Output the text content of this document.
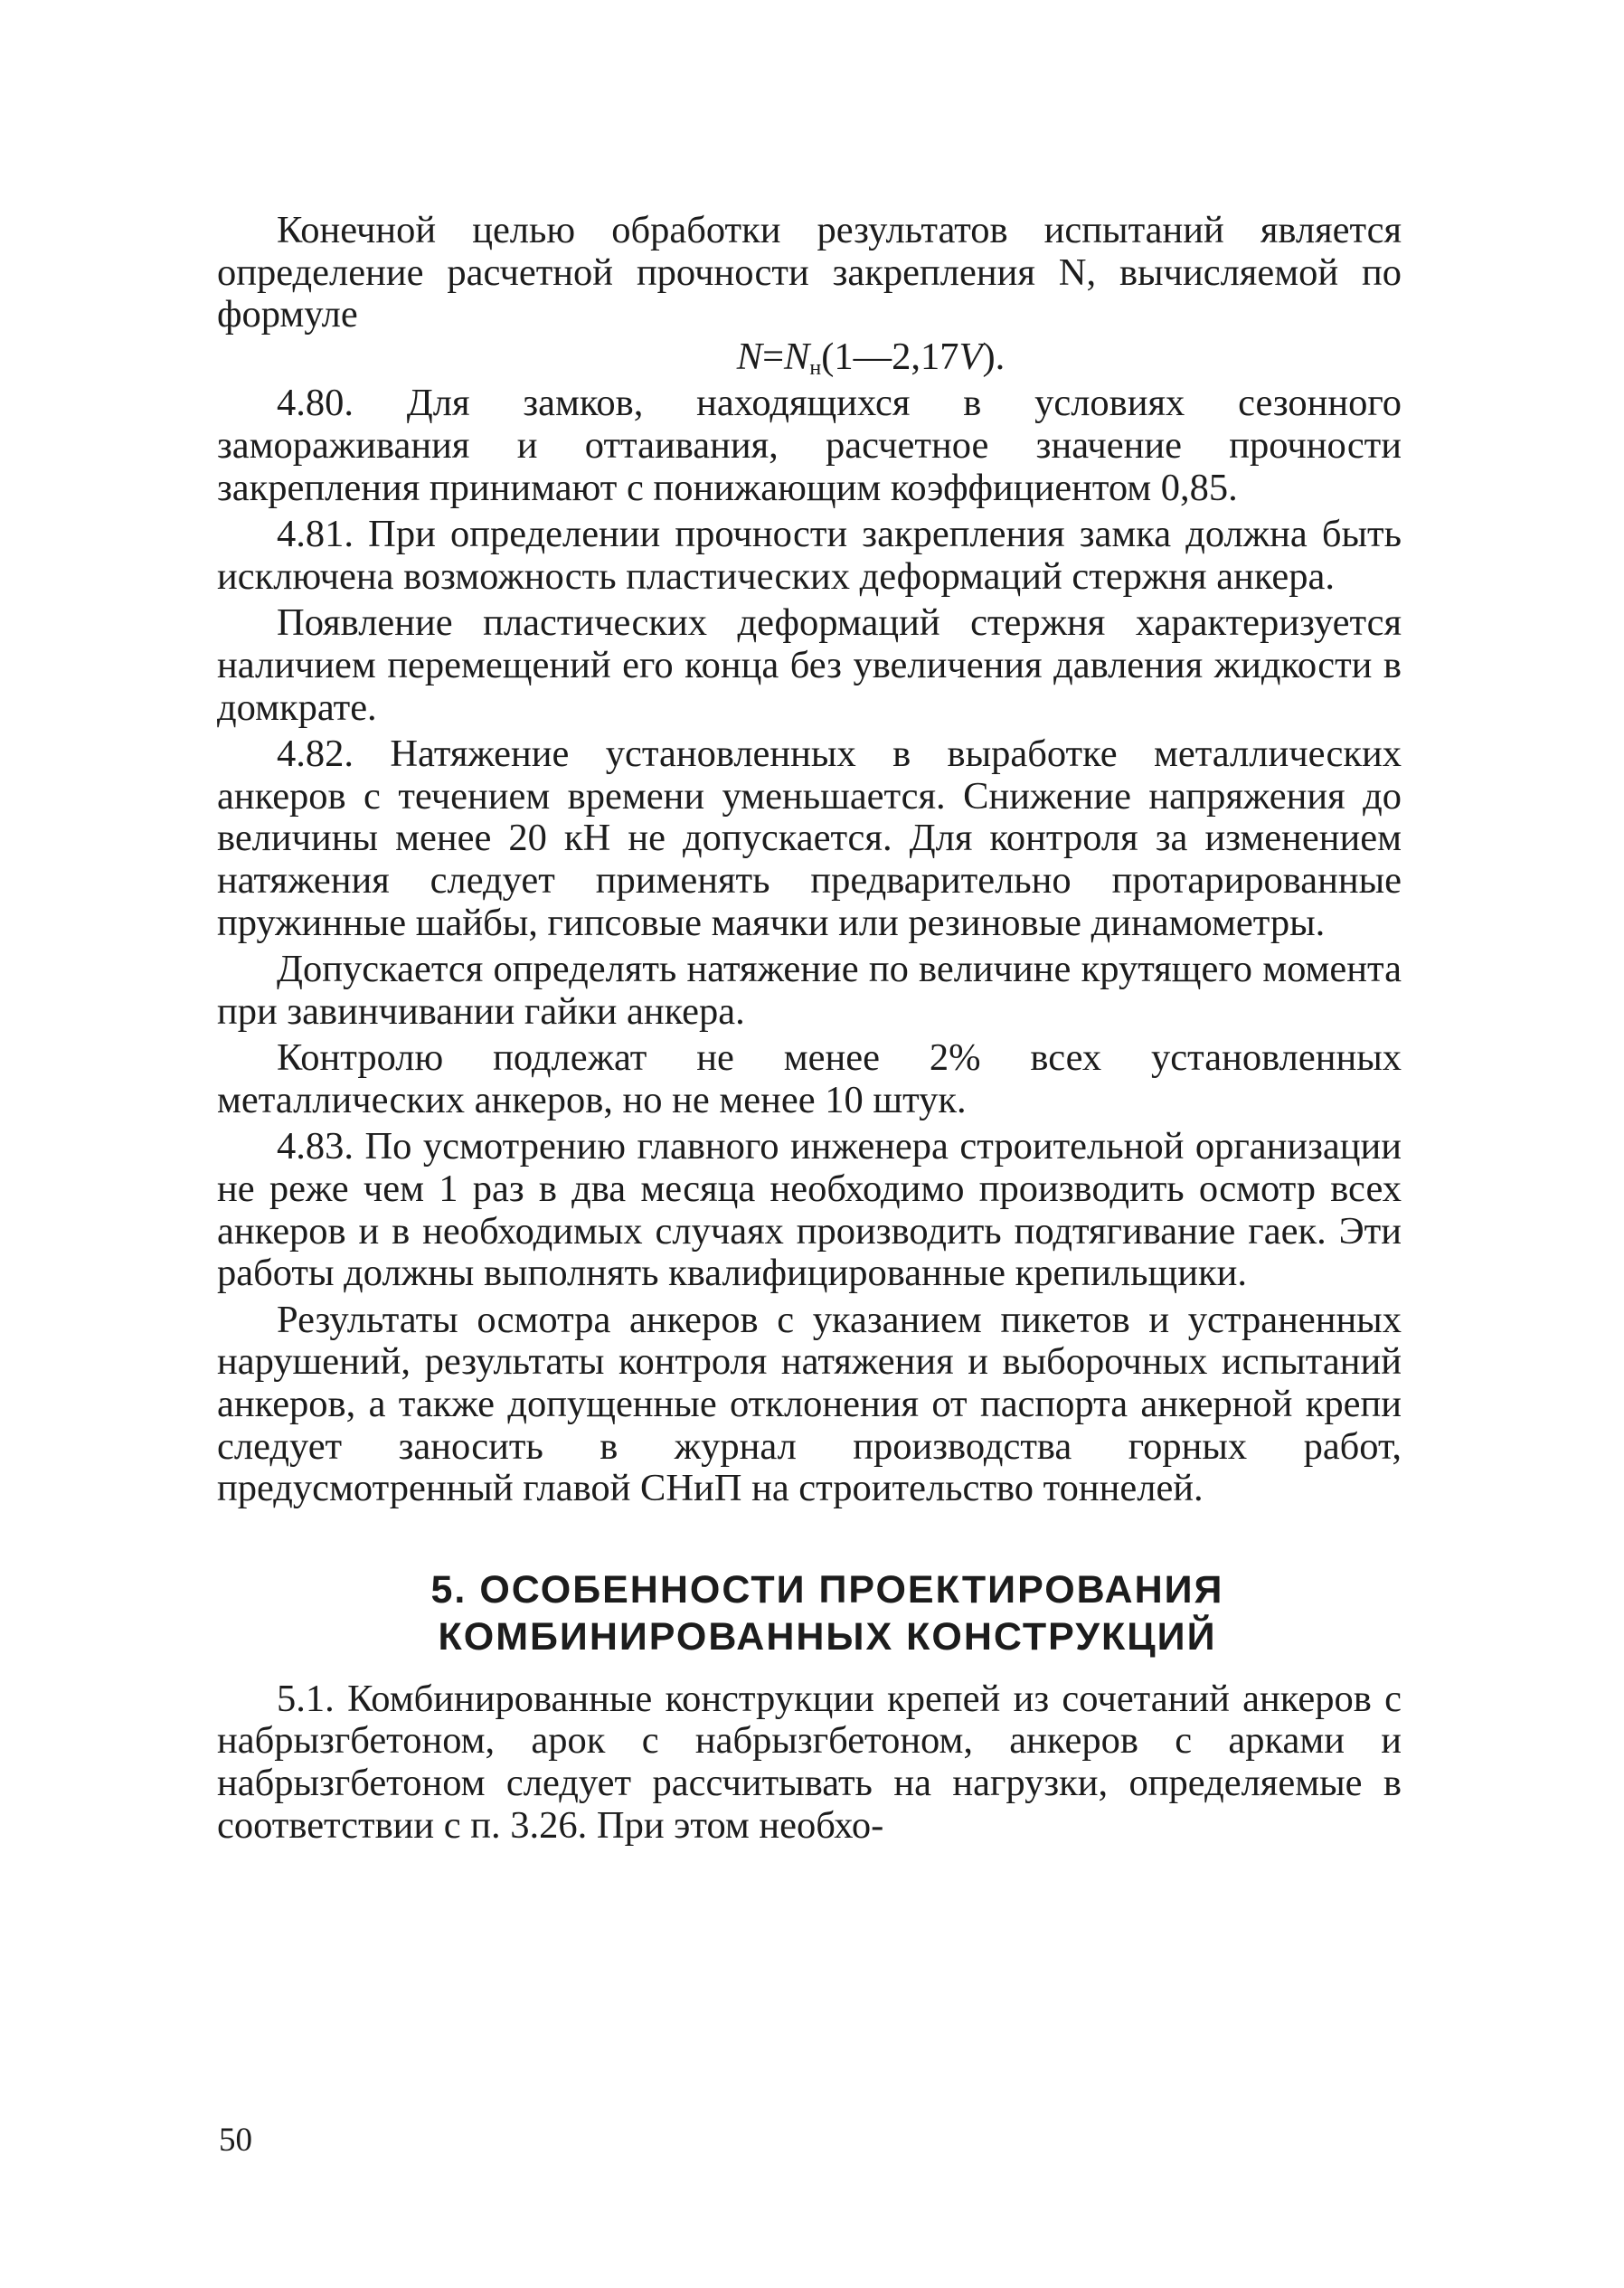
Конечной целью обработки результатов испытаний является определение расчетной прочности закрепления N, вычисляемой по формуле

$N=N_н(1—2,17V)$.

4.80. Для замков, находящихся в условиях сезонного замораживания и оттаивания, расчетное значение прочности закрепления принимают с понижающим коэффициентом 0,85.

4.81. При определении прочности закрепления замка должна быть исключена возможность пластических деформаций стержня анкера.

Появление пластических деформаций стержня характеризуется наличием перемещений его конца без увеличения давления жидкости в домкрате.

4.82. Натяжение установленных в выработке металлических анкеров с течением времени уменьшается. Снижение напряжения до величины менее 20 кН не допускается. Для контроля за изменением натяжения следует применять предварительно протарированные пружинные шайбы, гипсовые маячки или резиновые динамометры.

Допускается определять натяжение по величине крутящего момента при завинчивании гайки анкера.

Контролю подлежат не менее 2% всех установленных металлических анкеров, но не менее 10 штук.

4.83. По усмотрению главного инженера строительной организации не реже чем 1 раз в два месяца необходимо производить осмотр всех анкеров и в необходимых случаях производить подтягивание гаек. Эти работы должны выполнять квалифицированные крепильщики.

Результаты осмотра анкеров с указанием пикетов и устраненных нарушений, результаты контроля натяжения и выборочных испытаний анкеров, а также допущенные отклонения от паспорта анкерной крепи следует заносить в журнал производства горных работ, предусмотренный главой СНиП на строительство тоннелей.

5. ОСОБЕННОСТИ ПРОЕКТИРОВАНИЯ
КОМБИНИРОВАННЫХ КОНСТРУКЦИЙ

5.1. Комбинированные конструкции крепей из сочетаний анкеров с набрызгбетоном, арок с набрызгбетоном, анкеров с арками и набрызгбетоном следует рассчитывать на нагрузки, определяемые в соответствии с п. 3.26. При этом необхо-

50
